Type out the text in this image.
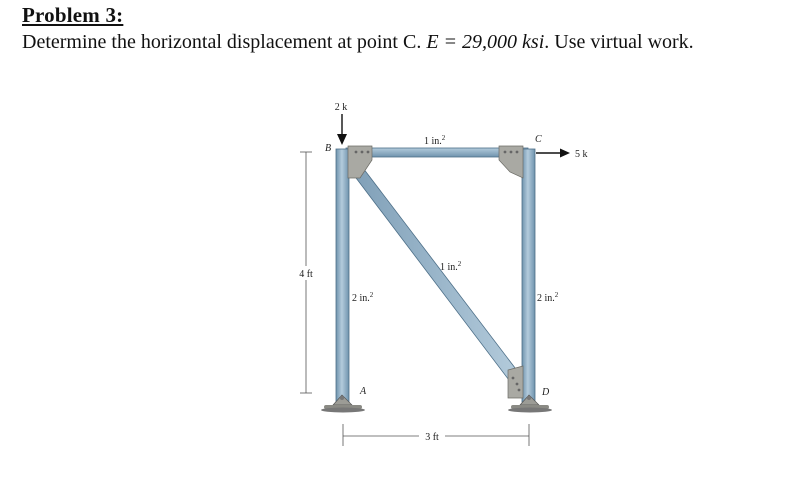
Problem 3:
Determine the horizontal displacement at point C. E = 29,000 ksi. Use virtual work.
4 ft
2 k
5 k
B
C
A	D
1 in.$^2$
1 in.$^2$
2 in.$^2$	2 in.$^2$
3 ft
